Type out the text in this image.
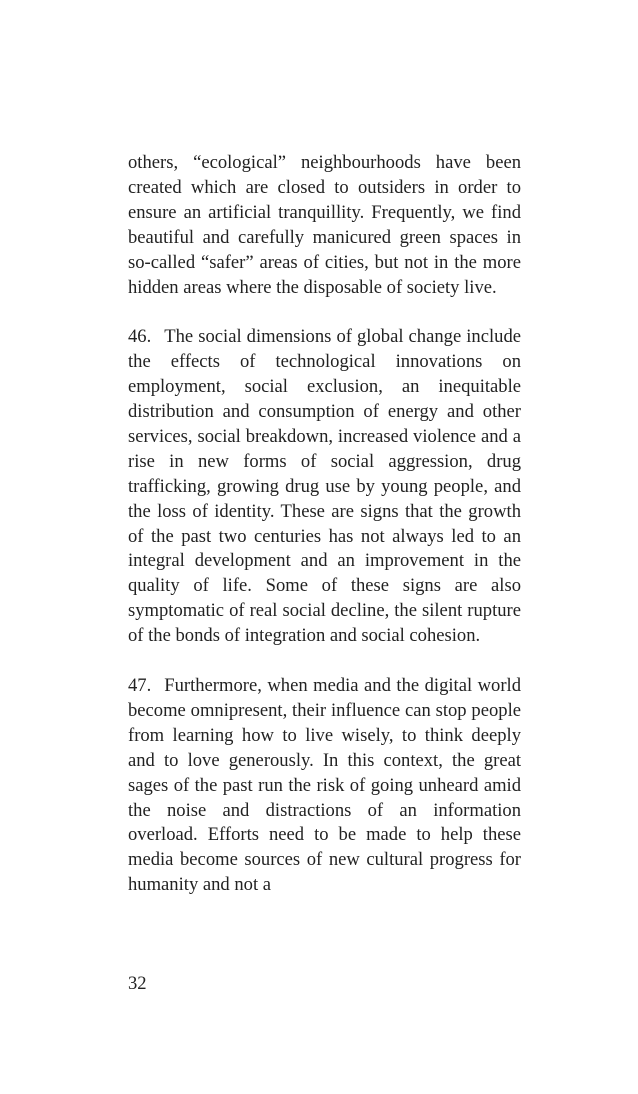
others, “ecological” neighbourhoods have been created which are closed to outsiders in order to ensure an artificial tranquillity. Frequently, we find beautiful and carefully manicured green spaces in so-called “safer” areas of cities, but not in the more hidden areas where the disposable of society live.

46. The social dimensions of global change include the effects of technological innovations on employment, social exclusion, an inequitable distribution and consumption of energy and other services, social breakdown, increased violence and a rise in new forms of social aggression, drug trafficking, growing drug use by young people, and the loss of identity. These are signs that the growth of the past two centuries has not always led to an integral development and an improvement in the quality of life. Some of these signs are also symptomatic of real social decline, the silent rupture of the bonds of integration and social cohesion.

47. Furthermore, when media and the digital world become omnipresent, their influence can stop people from learning how to live wisely, to think deeply and to love generously. In this context, the great sages of the past run the risk of going unheard amid the noise and distractions of an information overload. Efforts need to be made to help these media become sources of new cultural progress for humanity and not a

32
